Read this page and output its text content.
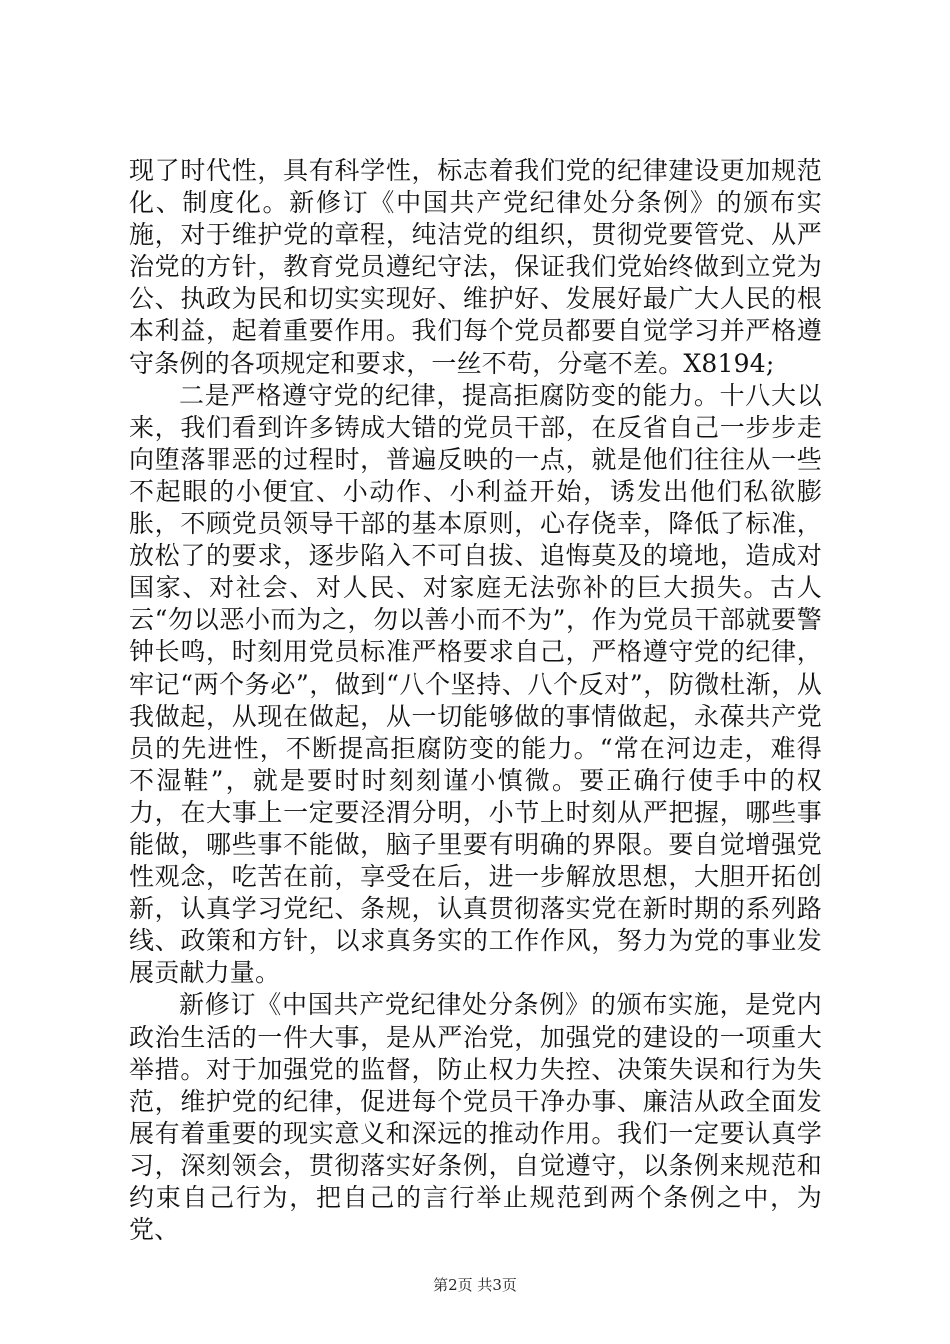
现了时代性，具有科学性，标志着我们党的纪律建设更加规范化、制度化。新修订《中国共产党纪律处分条例》的颁布实施，对于维护党的章程，纯洁党的组织，贯彻党要管党、从严治党的方针，教育党员遵纪守法，保证我们党始终做到立党为公、执政为民和切实实现好、维护好、发展好最广大人民的根本利益，起着重要作用。我们每个党员都要自觉学习并严格遵守条例的各项规定和要求，一丝不苟，分毫不差。X8194;

二是严格遵守党的纪律，提高拒腐防变的能力。十八大以来，我们看到许多铸成大错的党员干部，在反省自己一步步走向堕落罪恶的过程时，普遍反映的一点，就是他们往往从一些不起眼的小便宜、小动作、小利益开始，诱发出他们私欲膨胀，不顾党员领导干部的基本原则，心存侥幸，降低了标准，放松了的要求，逐步陷入不可自拔、追悔莫及的境地，造成对国家、对社会、对人民、对家庭无法弥补的巨大损失。古人云“勿以恶小而为之，勿以善小而不为”，作为党员干部就要警钟长鸣，时刻用党员标准严格要求自己，严格遵守党的纪律，牢记“两个务必”，做到“八个坚持、八个反对”，防微杜渐，从我做起，从现在做起，从一切能够做的事情做起，永葆共产党员的先进性，不断提高拒腐防变的能力。“常在河边走，难得不湿鞋”，就是要时时刻刻谨小慎微。要正确行使手中的权力，在大事上一定要泾渭分明，小节上时刻从严把握，哪些事能做，哪些事不能做，脑子里要有明确的界限。要自觉增强党性观念，吃苦在前，享受在后，进一步解放思想，大胆开拓创新，认真学习党纪、条规，认真贯彻落实党在新时期的系列路线、政策和方针，以求真务实的工作作风，努力为党的事业发展贡献力量。

新修订《中国共产党纪律处分条例》的颁布实施，是党内政治生活的一件大事，是从严治党，加强党的建设的一项重大举措。对于加强党的监督，防止权力失控、决策失误和行为失范，维护党的纪律，促进每个党员干净办事、廉洁从政全面发展有着重要的现实意义和深远的推动作用。我们一定要认真学习，深刻领会，贯彻落实好条例，自觉遵守，以条例来规范和约束自己行为，把自己的言行举止规范到两个条例之中，为党、

第2页 共3页
